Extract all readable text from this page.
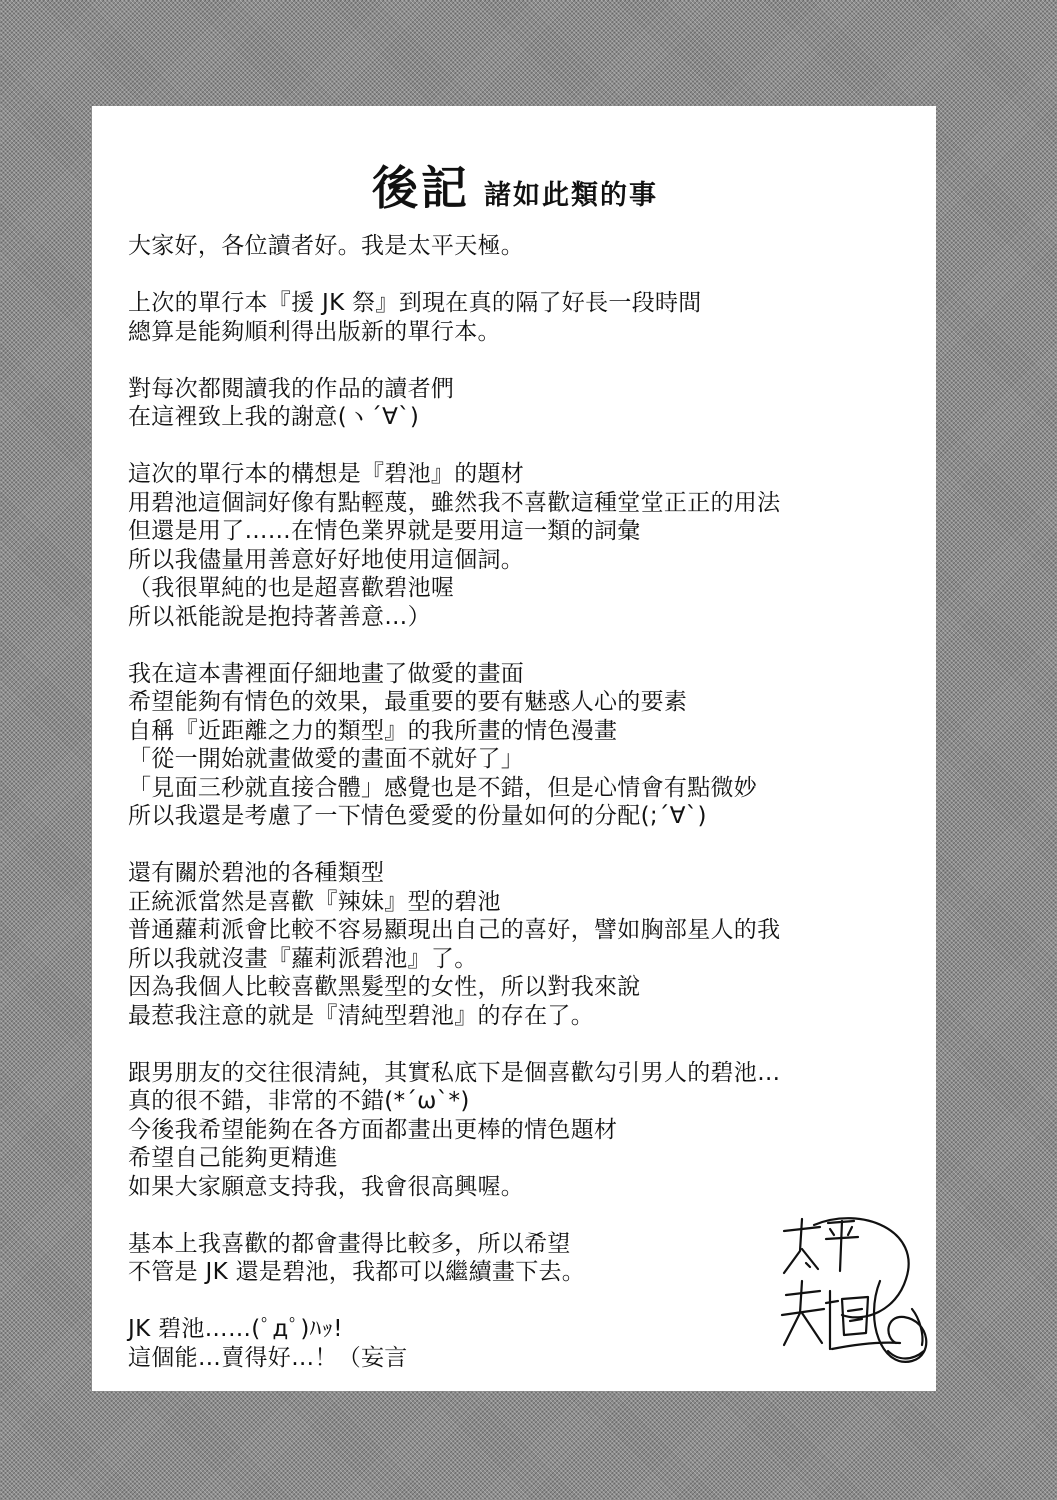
後記 諸如此類的事
大家好，各位讀者好。我是太平天極。
上次的單行本『援 JK 祭』到現在真的隔了好長一段時間
總算是能夠順利得出版新的單行本。
對每次都閱讀我的作品的讀者們
在這裡致上我的謝意(ヽ´∀`)
這次的單行本的構想是『碧池』的題材
用碧池這個詞好像有點輕蔑，雖然我不喜歡這種堂堂正正的用法
但還是用了……在情色業界就是要用這一類的詞彙
所以我儘量用善意好好地使用這個詞。
（我很單純的也是超喜歡碧池喔
所以祇能說是抱持著善意…）
我在這本書裡面仔細地畫了做愛的畫面
希望能夠有情色的效果，最重要的要有魅惑人心的要素
自稱『近距離之力的類型』的我所畫的情色漫畫
「從一開始就畫做愛的畫面不就好了」
「見面三秒就直接合體」感覺也是不錯，但是心情會有點微妙
所以我還是考慮了一下情色愛愛的份量如何的分配(;´∀`)
還有關於碧池的各種類型
正統派當然是喜歡『辣妹』型的碧池
普通蘿莉派會比較不容易顯現出自己的喜好，譬如胸部星人的我
所以我就沒畫『蘿莉派碧池』了。
因為我個人比較喜歡黑髮型的女性，所以對我來說
最惹我注意的就是『清純型碧池』的存在了。
跟男朋友的交往很清純，其實私底下是個喜歡勾引男人的碧池…
真的很不錯，非常的不錯(*´ω`*)
今後我希望能夠在各方面都畫出更棒的情色題材
希望自己能夠更精進
如果大家願意支持我，我會很高興喔。
基本上我喜歡的都會畫得比較多，所以希望
不管是 JK 還是碧池，我都可以繼續畫下去。
JK 碧池……(ﾟдﾟ)ﾊｯ!
這個能…賣得好…！（妄言
